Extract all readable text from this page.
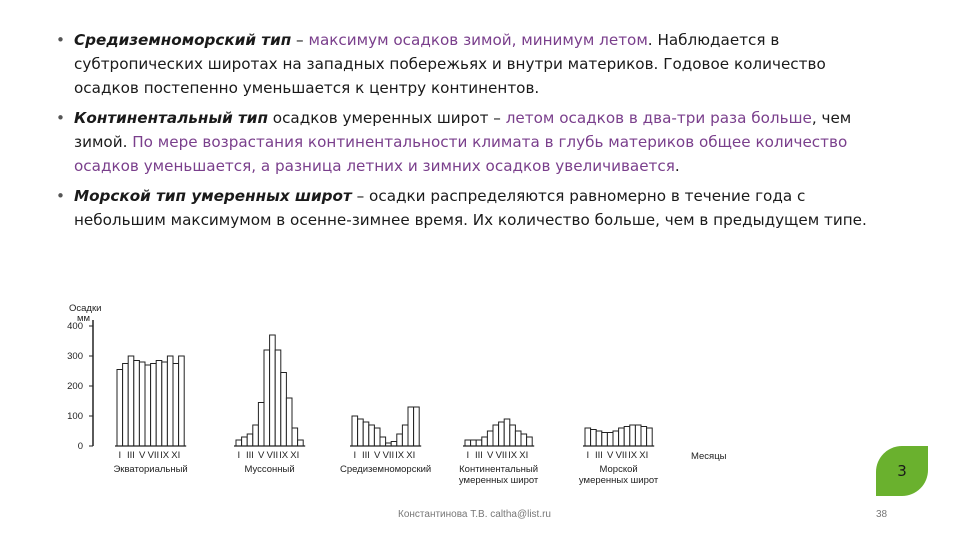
• Средиземноморский тип – максимум осадков зимой, минимум летом. Наблюдается в субтропических широтах на западных побережьях и внутри материков. Годовое количество осадков постепенно уменьшается к центру континентов.
• Континентальный тип осадков умеренных широт – летом осадков в два-три раза больше, чем зимой. По мере возрастания континентальности климата в глубь материков общее количество осадков уменьшается, а разница летних и зимних осадков увеличивается.
• Морской тип умеренных широт – осадки распределяются равномерно в течение года с небольшим максимумом в осенне-зимнее время. Их количество больше, чем в предыдущем типе.
Осадки
мм
400
300
200
100
0
I III V VII IX XI
Экваториальный
I III V VII IX XI
Муссонный
I III V VII IX XI
Средиземноморский
I III V VII IX XI
Континентальный
умеренных широт
I III V VII IX XI
Морской
умеренных широт
Месяцы
3
Константинова Т.В. caltha@list.ru	38
